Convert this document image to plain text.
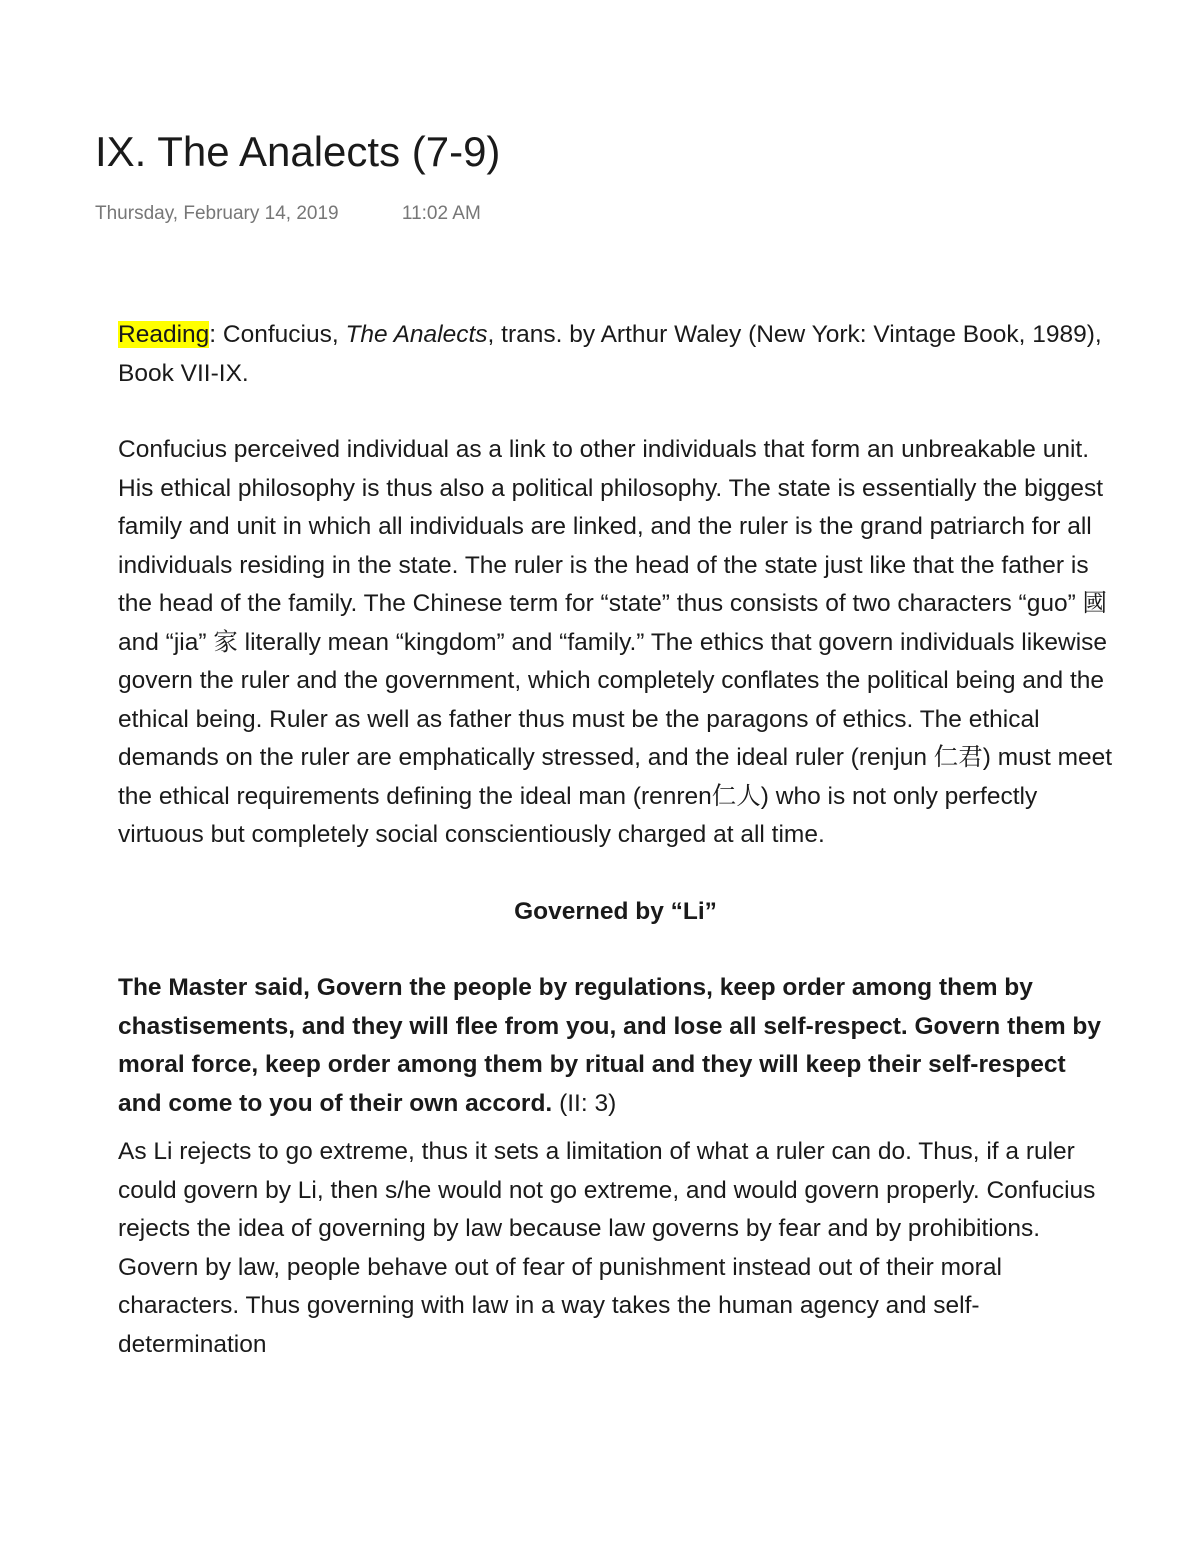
IX. The Analects (7-9)
Thursday, February 14, 2019	11:02 AM

Reading: Confucius, The Analects, trans. by Arthur Waley (New York: Vintage Book, 1989), Book VII-IX.

Confucius perceived individual as a link to other individuals that form an unbreakable unit. His ethical philosophy is thus also a political philosophy. The state is essentially the biggest family and unit in which all individuals are linked, and the ruler is the grand patriarch for all individuals residing in the state. The ruler is the head of the state just like that the father is the head of the family. The Chinese term for “state” thus consists of two characters “guo” 國 and “jia” 家 literally mean “kingdom” and “family.” The ethics that govern individuals likewise govern the ruler and the government, which completely conflates the political being and the ethical being. Ruler as well as father thus must be the paragons of ethics. The ethical demands on the ruler are emphatically stressed, and the ideal ruler (renjun 仁君) must meet the ethical requirements defining the ideal man (renren仁人) who is not only perfectly virtuous but completely social conscientiously charged at all time.

Governed by “Li”

The Master said, Govern the people by regulations, keep order among them by chastisements, and they will flee from you, and lose all self-respect. Govern them by moral force, keep order among them by ritual and they will keep their self-respect and come to you of their own accord. (II: 3)

As Li rejects to go extreme, thus it sets a limitation of what a ruler can do. Thus, if a ruler could govern by Li, then s/he would not go extreme, and would govern properly. Confucius rejects the idea of governing by law because law governs by fear and by prohibitions. Govern by law, people behave out of fear of punishment instead out of their moral characters. Thus governing with law in a way takes the human agency and self-determination
